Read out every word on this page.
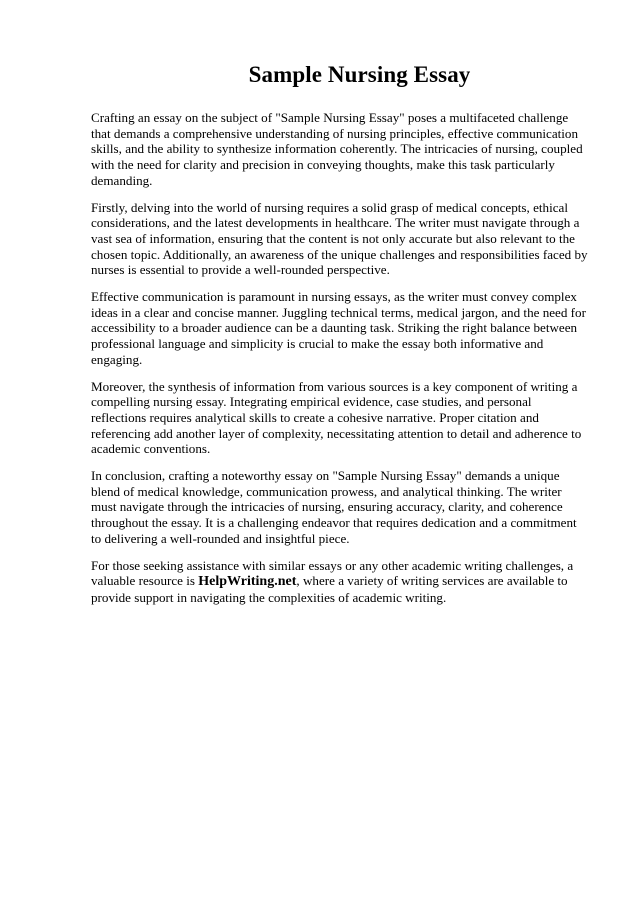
Sample Nursing Essay

Crafting an essay on the subject of "Sample Nursing Essay" poses a multifaceted challenge that demands a comprehensive understanding of nursing principles, effective communication skills, and the ability to synthesize information coherently. The intricacies of nursing, coupled with the need for clarity and precision in conveying thoughts, make this task particularly demanding.

Firstly, delving into the world of nursing requires a solid grasp of medical concepts, ethical considerations, and the latest developments in healthcare. The writer must navigate through a vast sea of information, ensuring that the content is not only accurate but also relevant to the chosen topic. Additionally, an awareness of the unique challenges and responsibilities faced by nurses is essential to provide a well-rounded perspective.

Effective communication is paramount in nursing essays, as the writer must convey complex ideas in a clear and concise manner. Juggling technical terms, medical jargon, and the need for accessibility to a broader audience can be a daunting task. Striking the right balance between professional language and simplicity is crucial to make the essay both informative and engaging.

Moreover, the synthesis of information from various sources is a key component of writing a compelling nursing essay. Integrating empirical evidence, case studies, and personal reflections requires analytical skills to create a cohesive narrative. Proper citation and referencing add another layer of complexity, necessitating attention to detail and adherence to academic conventions.

In conclusion, crafting a noteworthy essay on "Sample Nursing Essay" demands a unique blend of medical knowledge, communication prowess, and analytical thinking. The writer must navigate through the intricacies of nursing, ensuring accuracy, clarity, and coherence throughout the essay. It is a challenging endeavor that requires dedication and a commitment to delivering a well-rounded and insightful piece.

For those seeking assistance with similar essays or any other academic writing challenges, a valuable resource is HelpWriting.net, where a variety of writing services are available to provide support in navigating the complexities of academic writing.
